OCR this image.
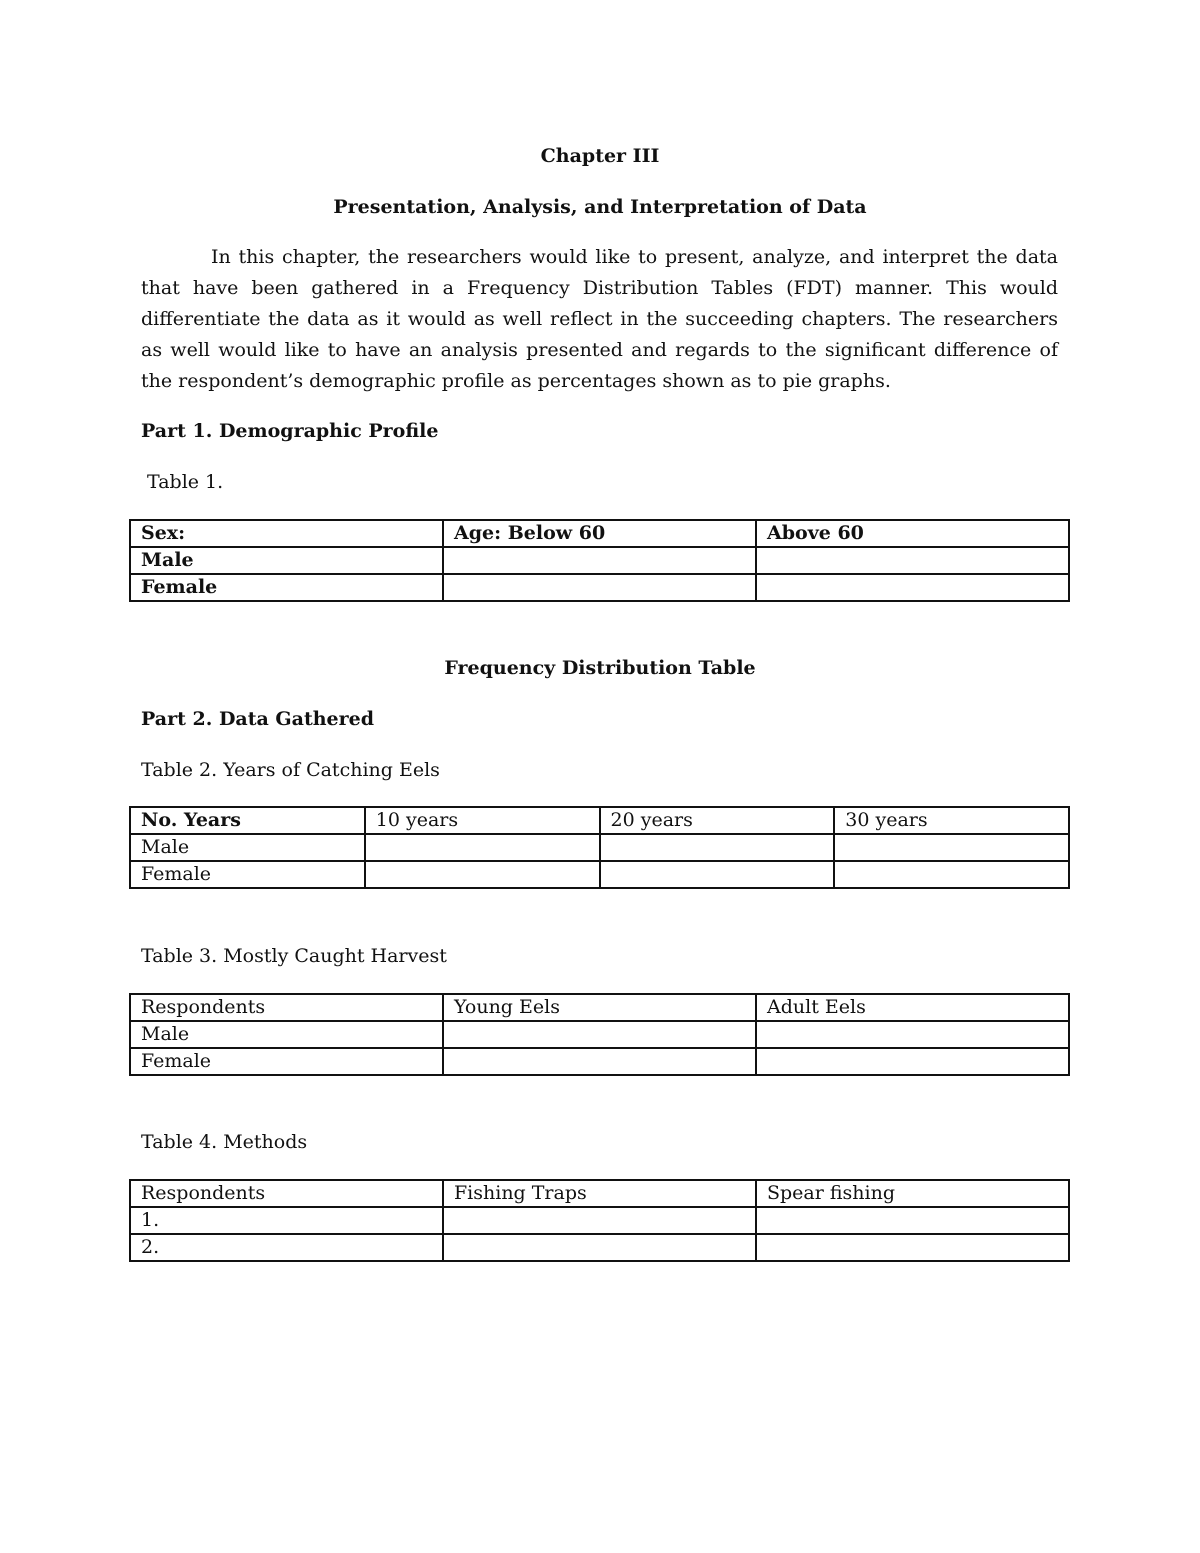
Chapter III
Presentation, Analysis, and Interpretation of Data

In this chapter, the researchers would like to present, analyze, and interpret the data that have been gathered in a Frequency Distribution Tables (FDT) manner. This would differentiate the data as it would as well reflect in the succeeding chapters. The researchers as well would like to have an analysis presented and regards to the significant difference of the respondent’s demographic profile as percentages shown as to pie graphs.

Part 1. Demographic Profile
Table 1.
Sex:	Age: Below 60	Above 60
Male		
Female		
Frequency Distribution Table
Part 2. Data Gathered
Table 2. Years of Catching Eels
No. Years	10 years	20 years	30 years
Male			
Female			
Table 3. Mostly Caught Harvest
Respondents	Young Eels	Adult Eels
Male		
Female		
Table 4. Methods
Respondents	Fishing Traps	Spear fishing
1.		
2.		
